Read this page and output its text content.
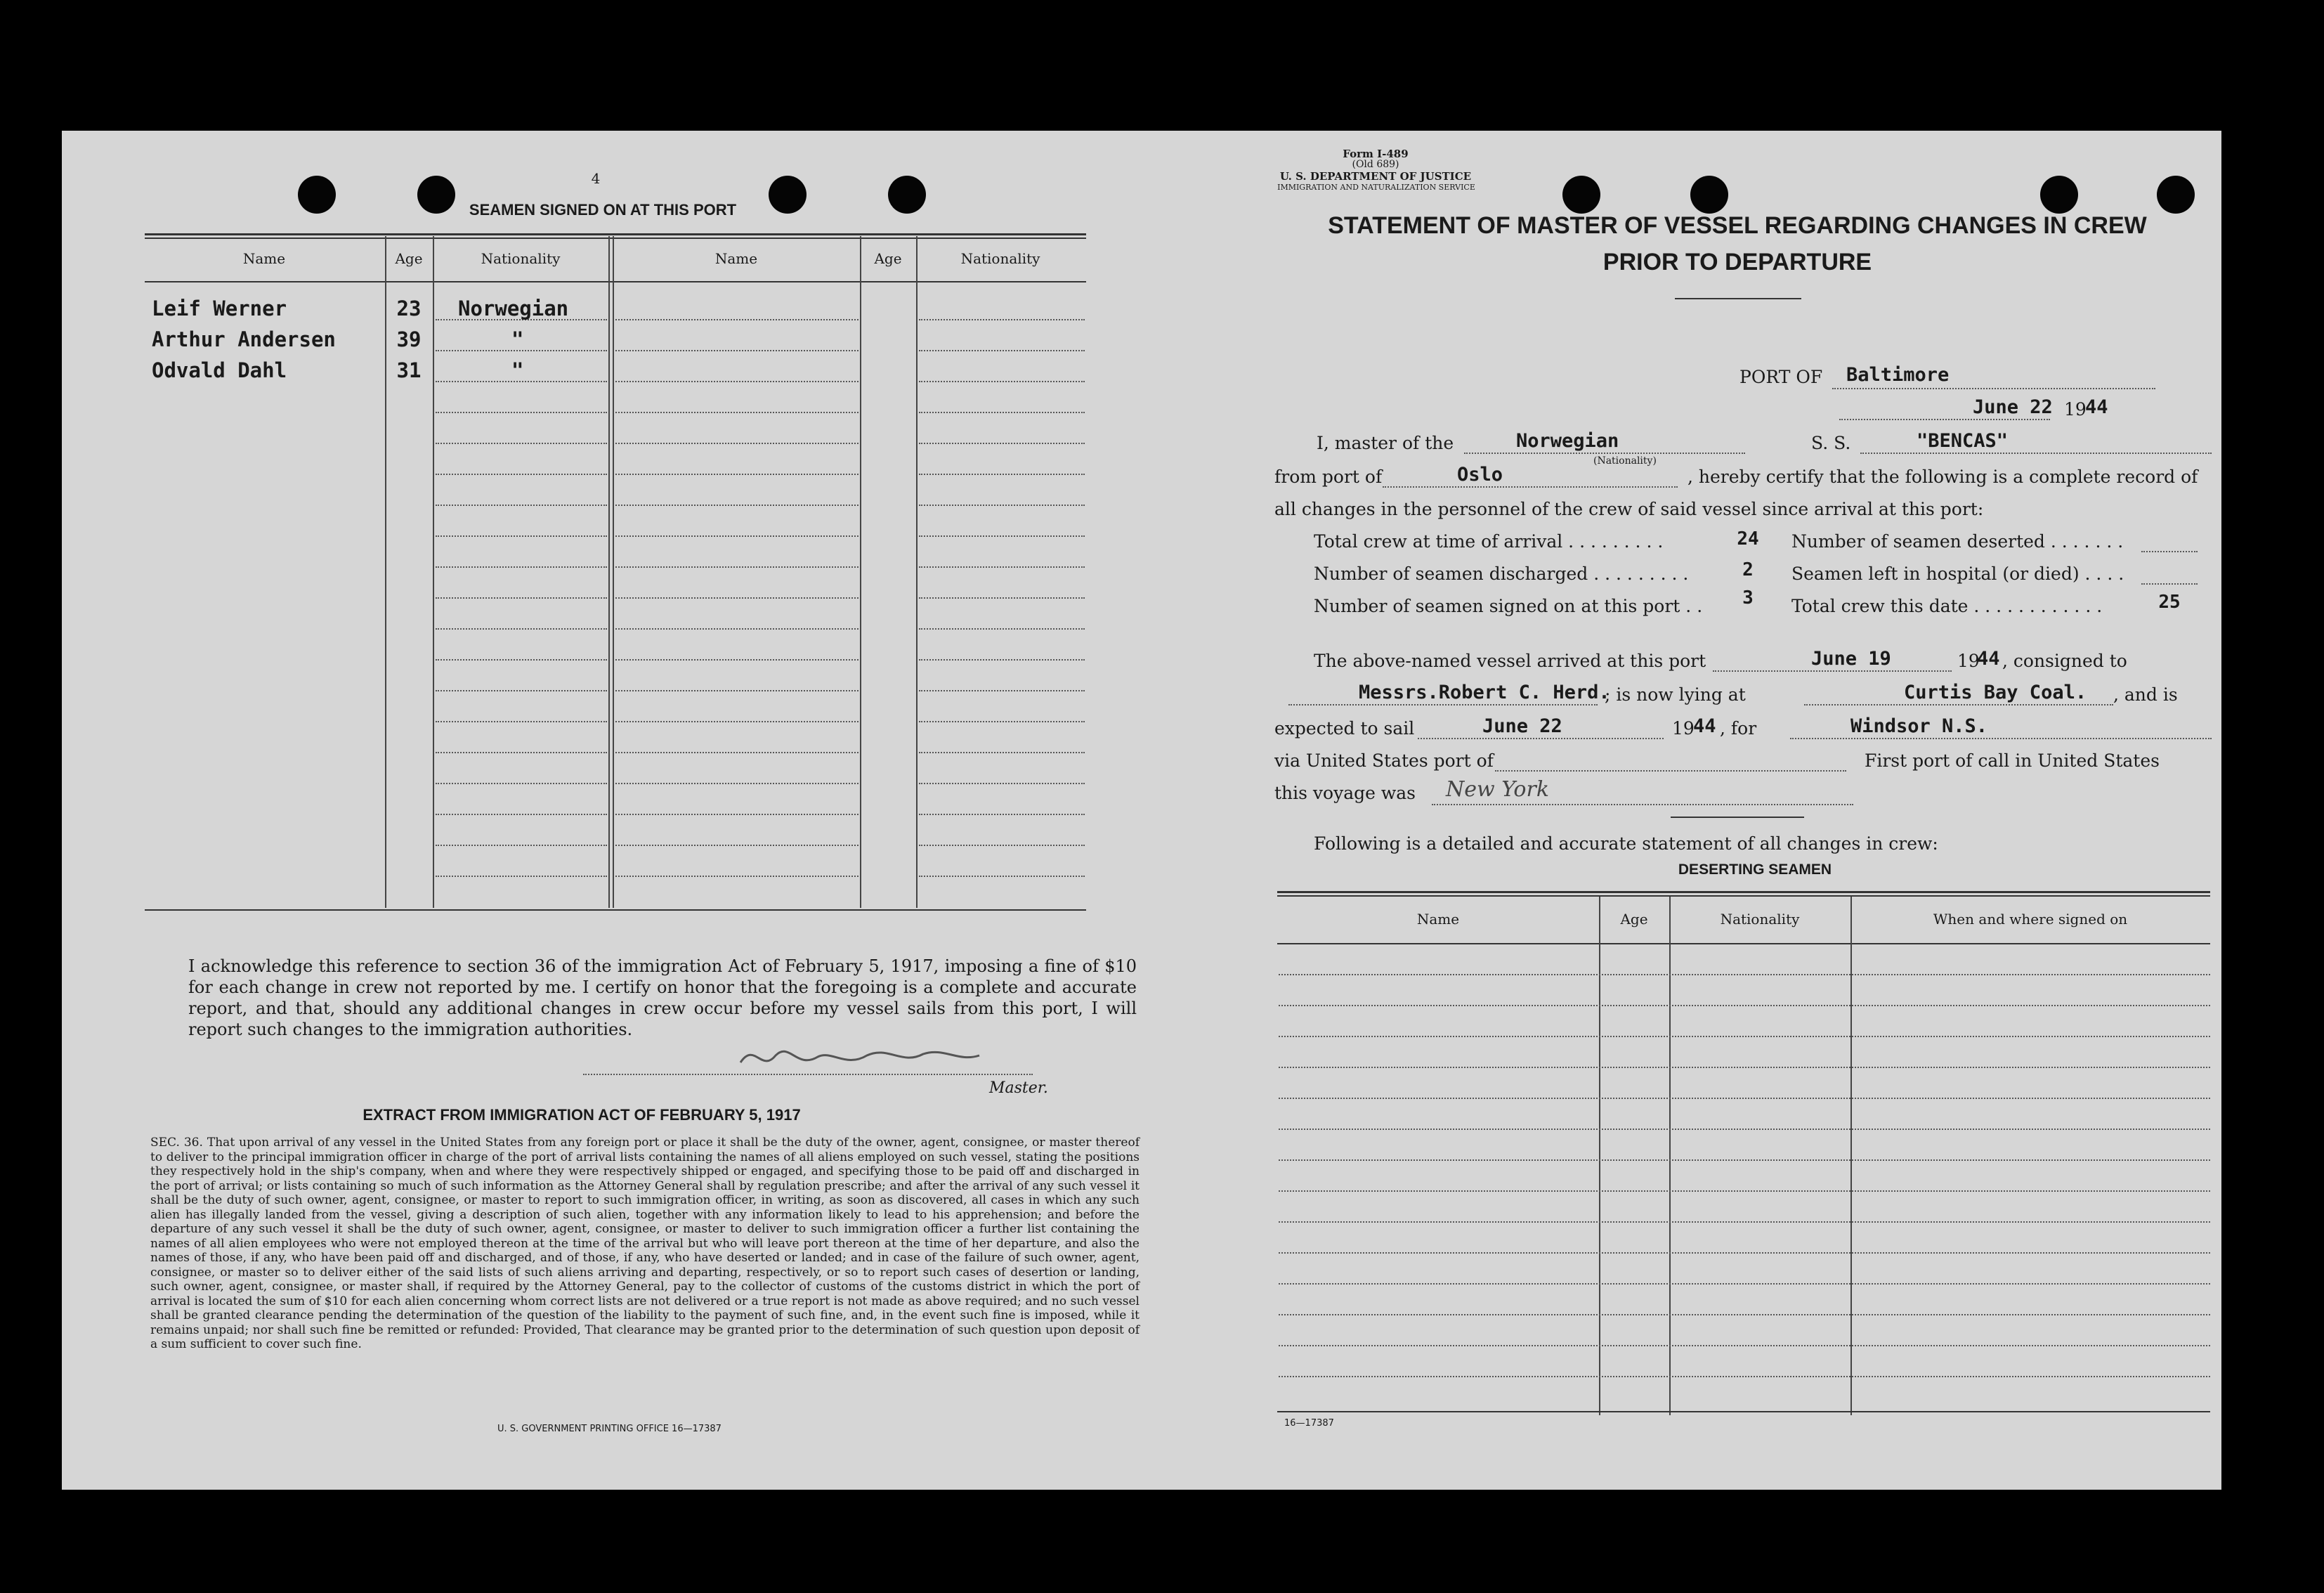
4
SEAMEN SIGNED ON AT THIS PORT
Name	Age	Nationality	Name	Age	Nationality
Leif Werner	23	Norwegian
Arthur Andersen	39	"
Odvald Dahl	31	"
I acknowledge this reference to section 36 of the immigration Act of February 5, 1917, imposing a fine of $10 for each change in crew not reported by me. I certify on honor that the foregoing is a complete and accurate report, and that, should any additional changes in crew occur before my vessel sails from this port, I will report such changes to the immigration authorities.
Master.
EXTRACT FROM IMMIGRATION ACT OF FEBRUARY 5, 1917
SEC. 36. That upon arrival of any vessel in the United States from any foreign port or place it shall be the duty of the owner, agent, consignee, or master thereof to deliver to the principal immigration officer in charge of the port of arrival lists containing the names of all aliens employed on such vessel, stating the positions they respectively hold in the ship's company, when and where they were respectively shipped or engaged, and specifying those to be paid off and discharged in the port of arrival; or lists containing so much of such information as the Attorney General shall by regulation prescribe; and after the arrival of any such vessel it shall be the duty of such owner, agent, consignee, or master to report to such immigration officer, in writing, as soon as discovered, all cases in which any such alien has illegally landed from the vessel, giving a description of such alien, together with any information likely to lead to his apprehension; and before the departure of any such vessel it shall be the duty of such owner, agent, consignee, or master to deliver to such immigration officer a further list containing the names of all alien employees who were not employed thereon at the time of the arrival but who will leave port thereon at the time of her departure, and also the names of those, if any, who have been paid off and discharged, and of those, if any, who have deserted or landed; and in case of the failure of such owner, agent, consignee, or master so to deliver either of the said lists of such aliens arriving and departing, respectively, or so to report such cases of desertion or landing, such owner, agent, consignee, or master shall, if required by the Attorney General, pay to the collector of customs of the customs district in which the port of arrival is located the sum of $10 for each alien concerning whom correct lists are not delivered or a true report is not made as above required; and no such vessel shall be granted clearance pending the determination of the question of the liability to the payment of such fine, and, in the event such fine is imposed, while it remains unpaid; nor shall such fine be remitted or refunded: Provided, That clearance may be granted prior to the determination of such question upon deposit of a sum sufficient to cover such fine.
U. S. GOVERNMENT PRINTING OFFICE 16—17387
Form I-489
(Old 689)
U. S. DEPARTMENT OF JUSTICE
IMMIGRATION AND NATURALIZATION SERVICE
STATEMENT OF MASTER OF VESSEL REGARDING CHANGES IN CREW
PRIOR TO DEPARTURE
PORT OF Baltimore
June 22 19
44
I, master of the	Norwegian
(Nationality)
S. S.	"BENCAS"
from port of	Oslo	, hereby certify that the following is a complete record of
all changes in the personnel of the crew of said vessel since arrival at this port:
Total crew at time of arrival . . . . . . . . .	24
Number of seamen discharged . . . . . . . . .	2
Number of seamen signed on at this port . .	3
Number of seamen deserted . . . . . . .
Seamen left in hospital (or died) . . . .
Total crew this date . . . . . . . . . . . .	25
The above-named vessel arrived at this port	June 19	19
44 , consigned to
Messrs.Robert C. Herd.
; is now lying at	Curtis Bay Coal. , and is
expected to sail	June 22	19
44 , for	Windsor N.S.
via United States port of	First port of call in United States
this voyage was New York
Following is a detailed and accurate statement of all changes in crew:
DESERTING SEAMEN
Name	Age	Nationality	When and where signed on
16—17387
